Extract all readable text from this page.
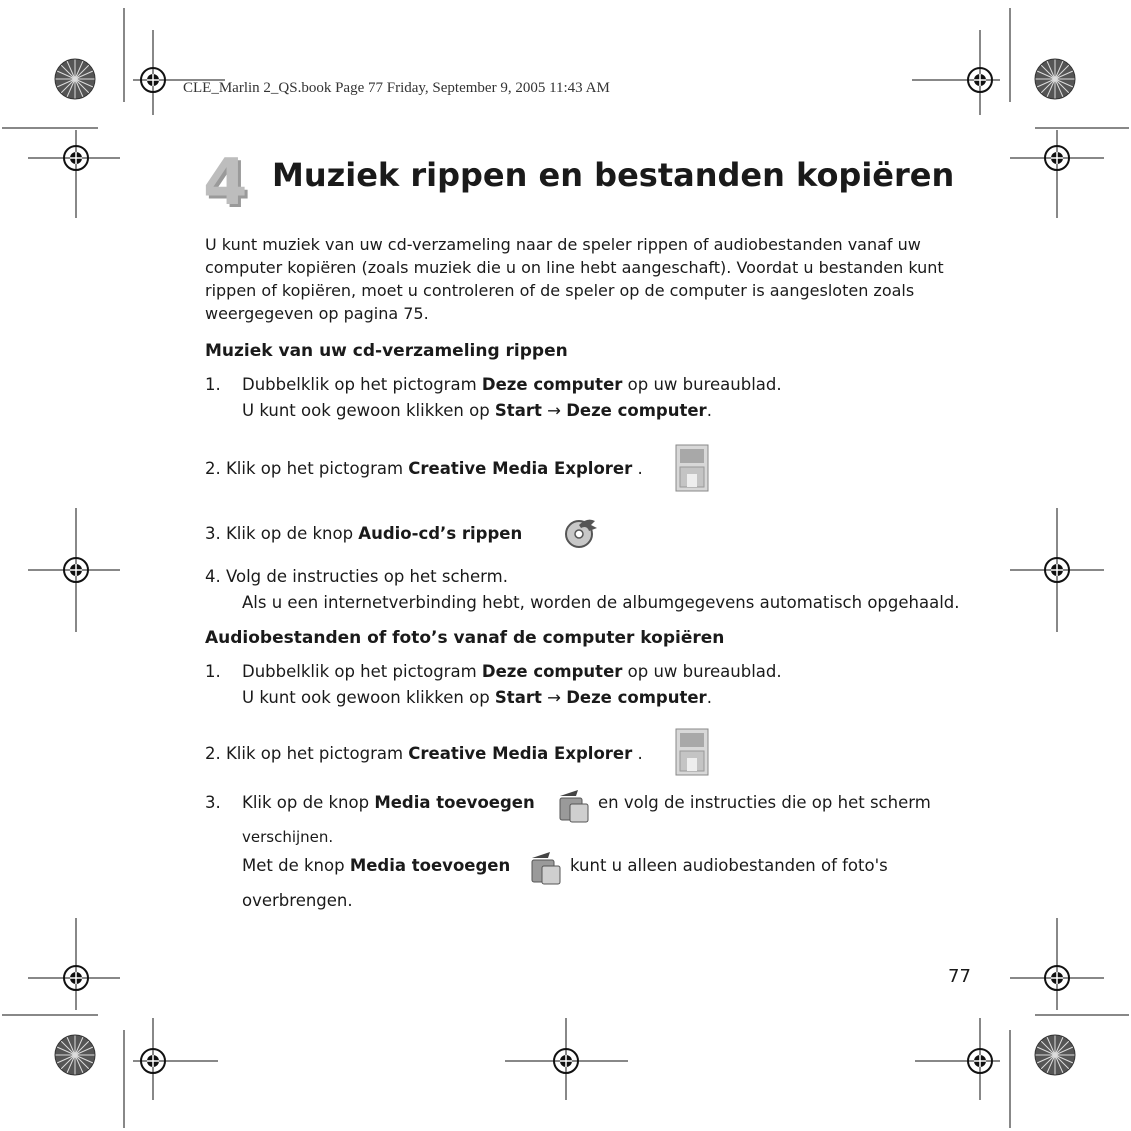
CLE_Marlin 2_QS.book Page 77 Friday, September 9, 2005 11:43 AM
4 Muziek rippen en bestanden kopiëren
U kunt muziek van uw cd-verzameling naar de speler rippen of audiobestanden vanaf uw
computer kopiëren (zoals muziek die u on line hebt aangeschaft). Voordat u bestanden kunt
rippen of kopiëren, moet u controleren of de speler op de computer is aangesloten zoals
weergegeven op pagina 75.
Muziek van uw cd-verzameling rippen
1. Dubbelklik op het pictogram Deze computer op uw bureaublad.
U kunt ook gewoon klikken op Start → Deze computer.
2. Klik op het pictogram Creative Media Explorer .
3. Klik op de knop Audio-cd’s rippen
4. Volg de instructies op het scherm.
Als u een internetverbinding hebt, worden de albumgegevens automatisch opgehaald.
Audiobestanden of foto’s vanaf de computer kopiëren
1. Dubbelklik op het pictogram Deze computer op uw bureaublad.
U kunt ook gewoon klikken op Start → Deze computer.
2. Klik op het pictogram Creative Media Explorer .
3. Klik op de knop Media toevoegen	en volg de instructies die op het scherm
verschijnen.
Met de knop Media toevoegen	kunt u alleen audiobestanden of foto's
overbrengen.
77
